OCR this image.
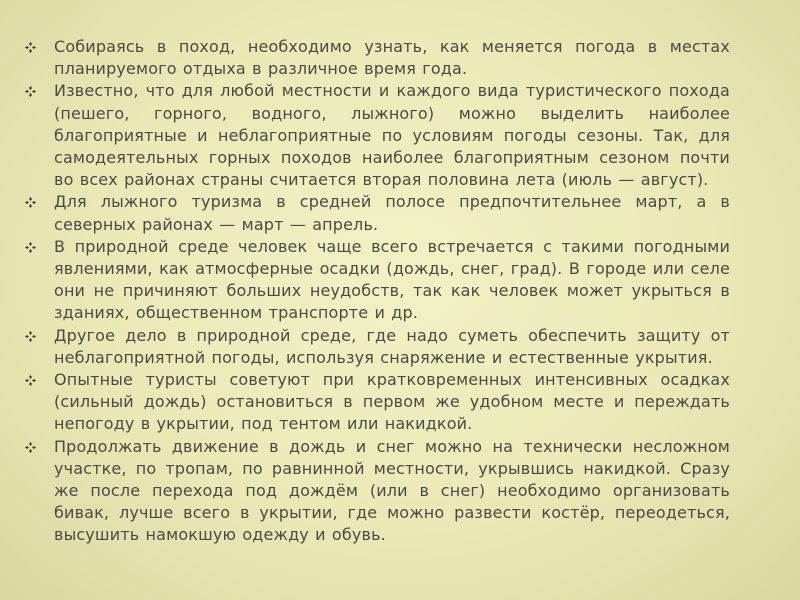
Собираясь в поход, необходимо узнать, как меняется погода в местах планируемого отдыха в различное время года.
Известно, что для любой местности и каждого вида туристического похода (пешего, горного, водного, лыжного) можно выделить наиболее благоприятные и неблагоприятные по условиям погоды сезоны. Так, для самодеятельных горных походов наиболее благоприятным сезоном почти во всех районах страны считается вторая половина лета (июль — август).
Для лыжного туризма в средней полосе предпочтительнее март, а в северных районах — март — апрель.
В природной среде человек чаще всего встречается с такими погодными явлениями, как атмосферные осадки (дождь, снег, град). В городе или селе они не причиняют больших неудобств, так как человек может укрыться в зданиях, общественном транспорте и др.
Другое дело в природной среде, где надо суметь обеспечить защиту от неблагоприятной погоды, используя снаряжение и естественные укрытия.
Опытные туристы советуют при кратковременных интенсивных осадках (сильный дождь) остановиться в первом же удобном месте и переждать непогоду в укрытии, под тентом или накидкой.
Продолжать движение в дождь и снег можно на технически несложном участке, по тропам, по равнинной местности, укрывшись накидкой. Сразу же после перехода под дождём (или в снег) необходимо организовать бивак, лучше всего в укрытии, где можно развести костёр, переодеться, высушить намокшую одежду и обувь.
